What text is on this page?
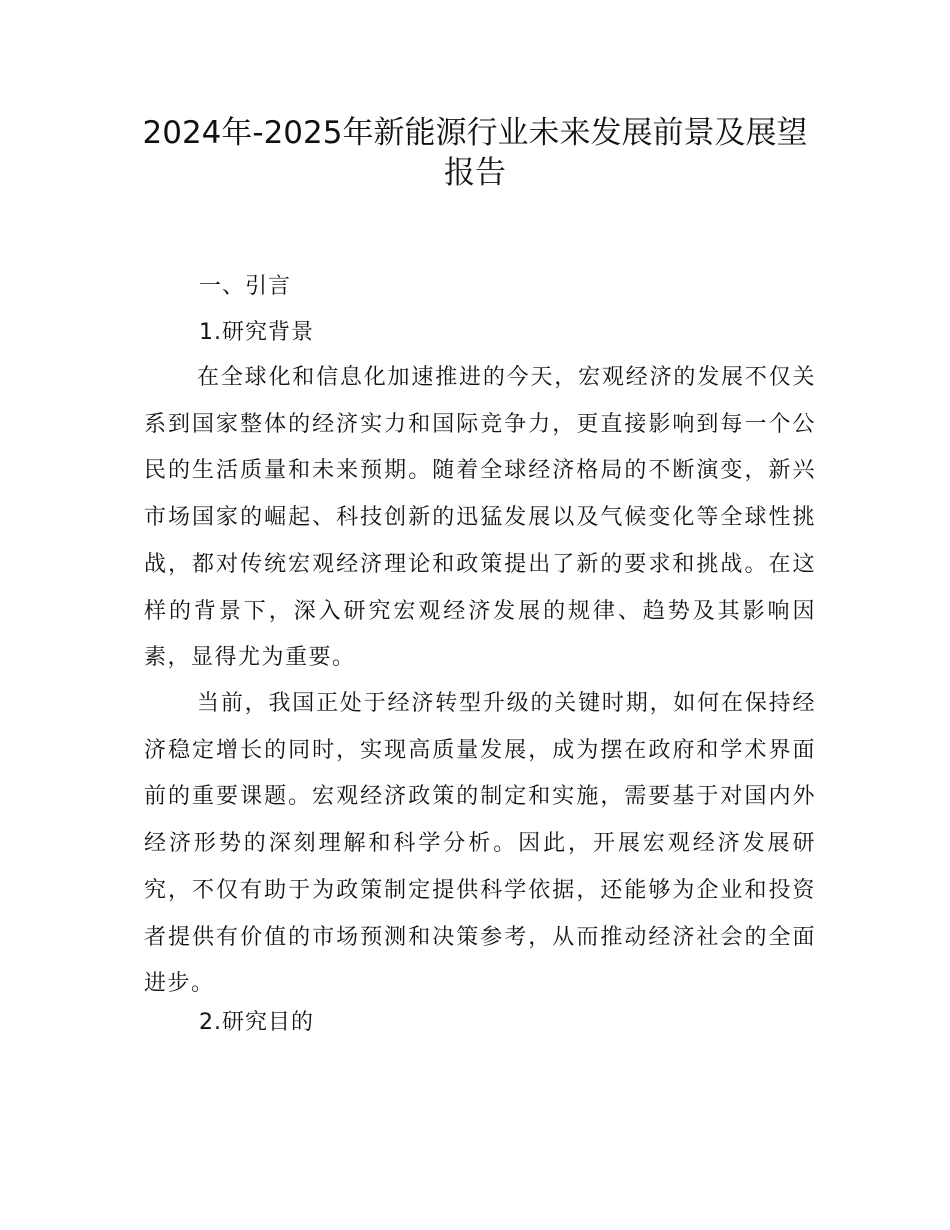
2024年-2025年新能源行业未来发展前景及展望
报告
一、引言
1.研究背景
在全球化和信息化加速推进的今天，宏观经济的发展不仅关系到国家整体的经济实力和国际竞争力，更直接影响到每一个公民的生活质量和未来预期。随着全球经济格局的不断演变，新兴市场国家的崛起、科技创新的迅猛发展以及气候变化等全球性挑战，都对传统宏观经济理论和政策提出了新的要求和挑战。在这样的背景下，深入研究宏观经济发展的规律、趋势及其影响因素，显得尤为重要。
当前，我国正处于经济转型升级的关键时期，如何在保持经济稳定增长的同时，实现高质量发展，成为摆在政府和学术界面前的重要课题。宏观经济政策的制定和实施，需要基于对国内外经济形势的深刻理解和科学分析。因此，开展宏观经济发展研究，不仅有助于为政策制定提供科学依据，还能够为企业和投资者提供有价值的市场预测和决策参考，从而推动经济社会的全面进步。
2.研究目的
